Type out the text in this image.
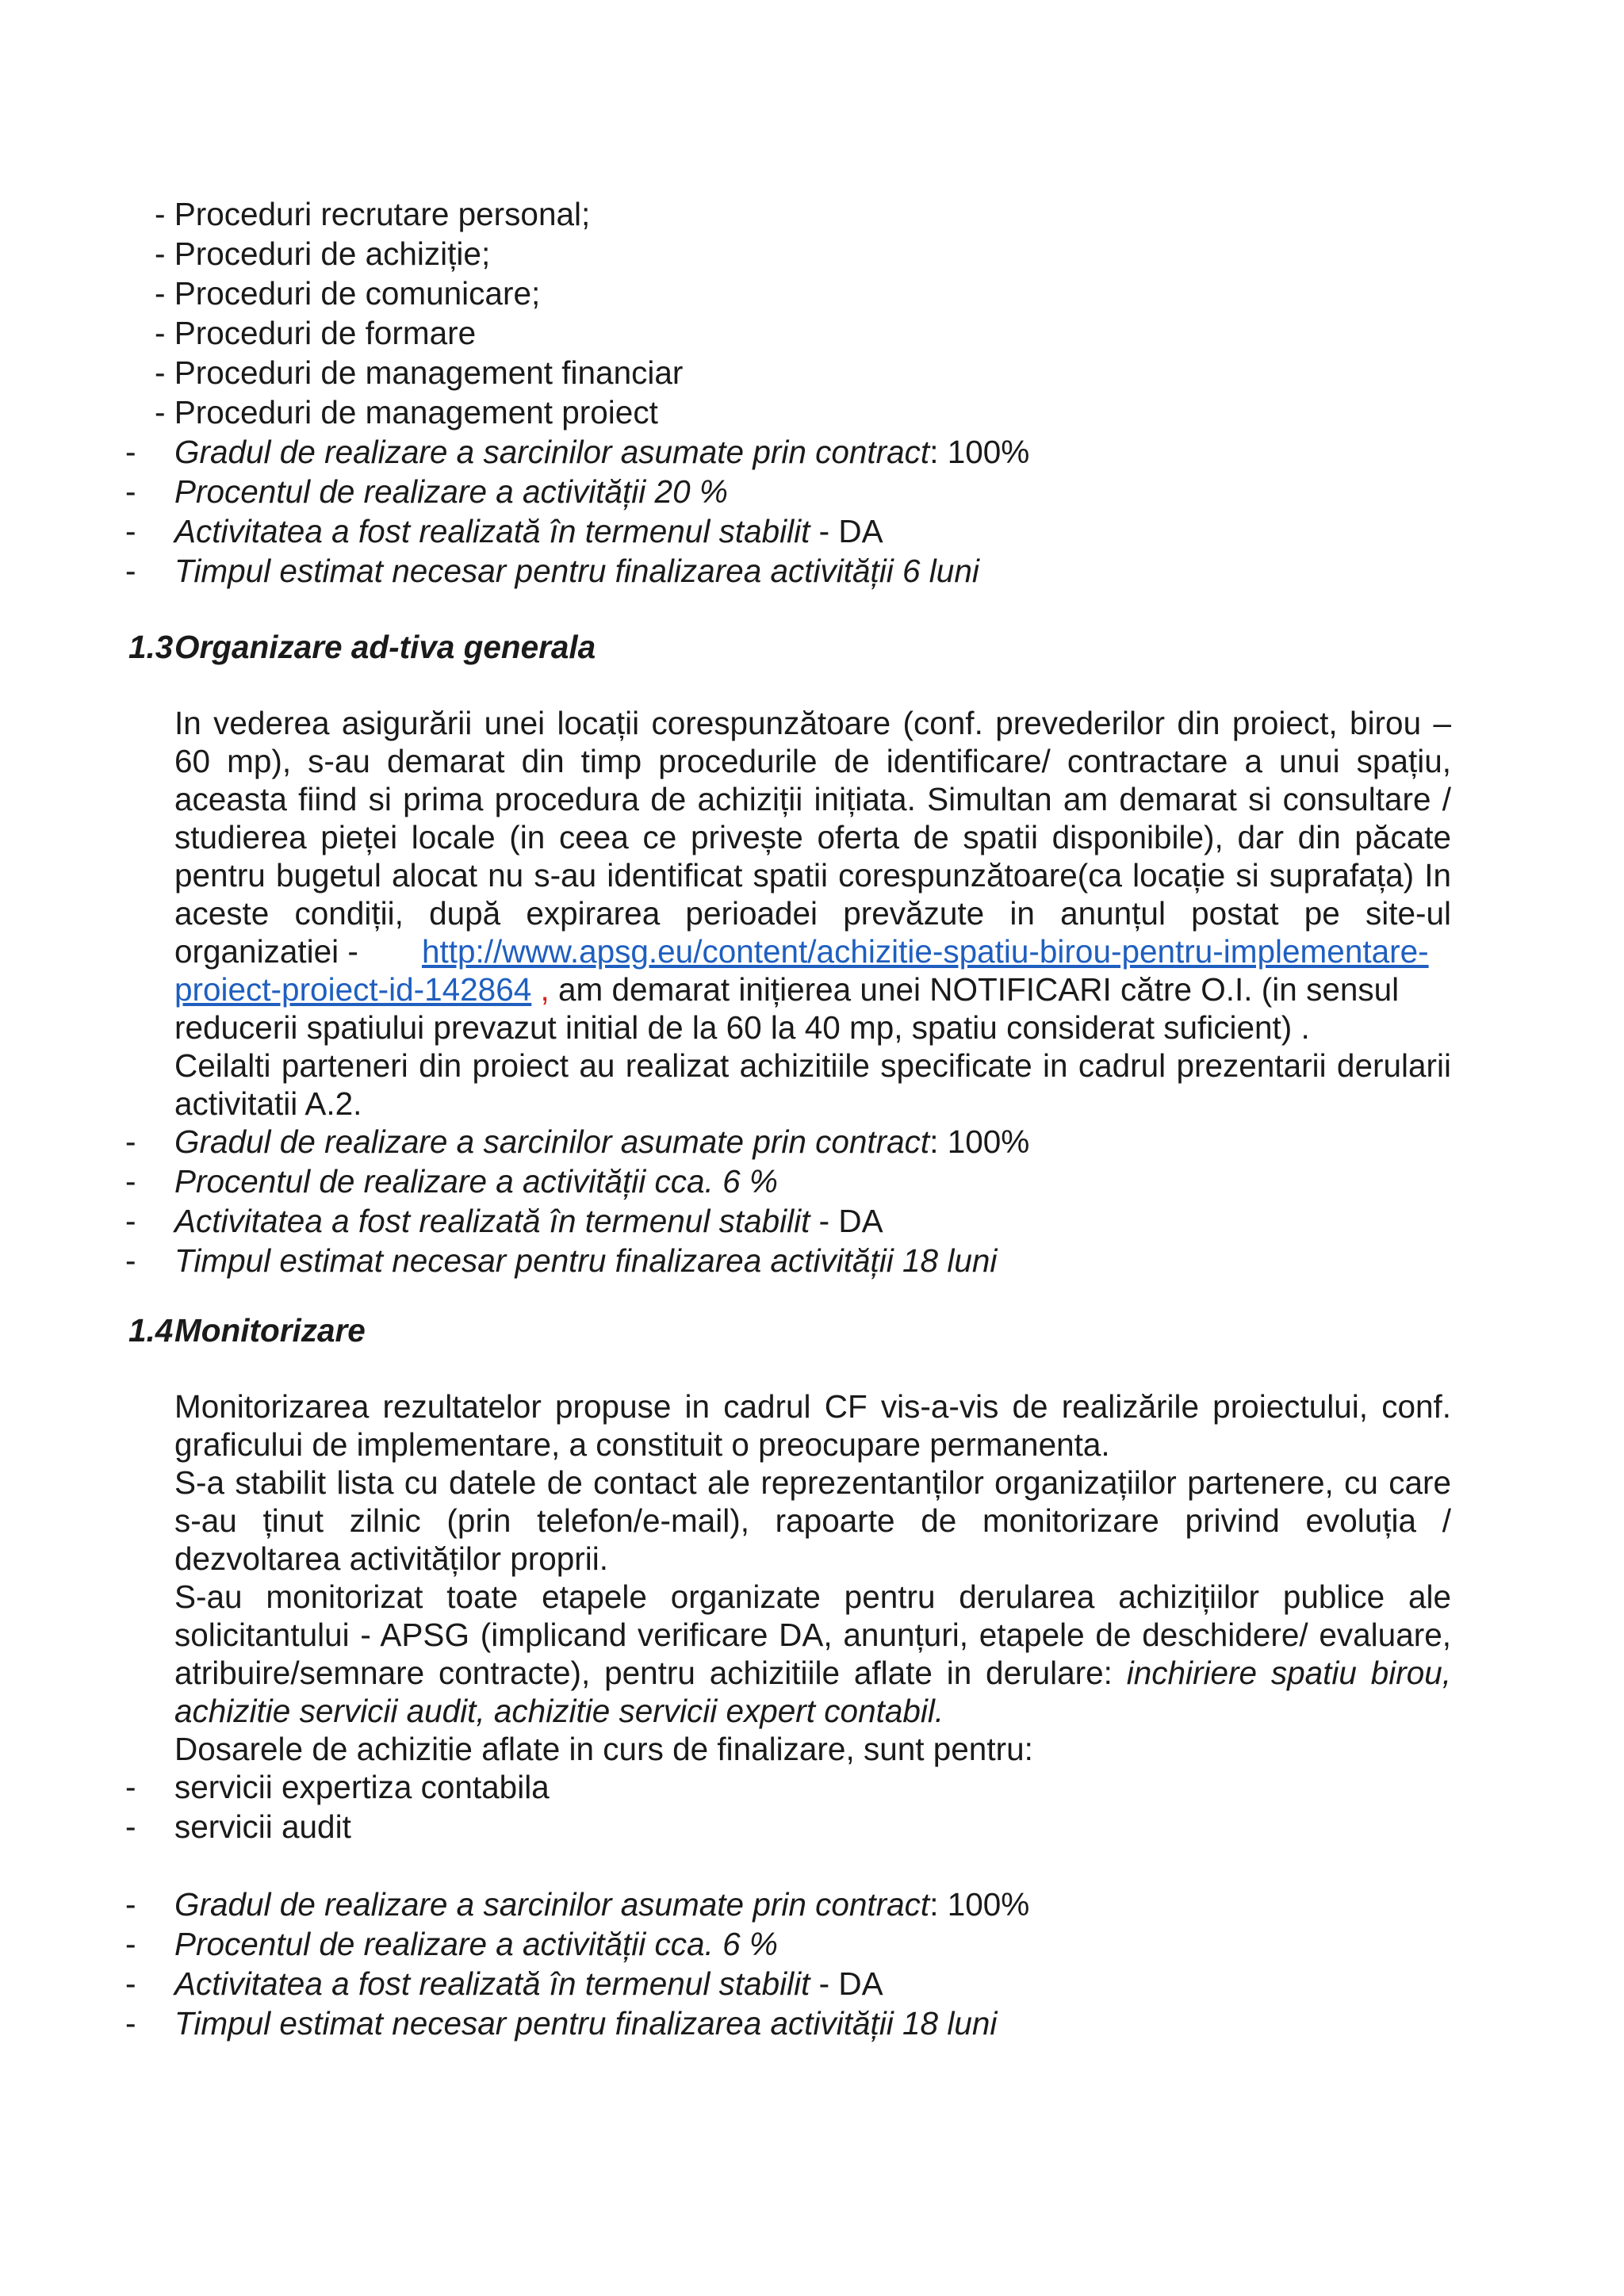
- Proceduri recrutare personal;
- Proceduri de achiziție;
- Proceduri de comunicare;
- Proceduri de formare
- Proceduri de management financiar
- Proceduri de management proiect
- Gradul de realizare a sarcinilor asumate prin contract: 100%
- Procentul de realizare a activității 20 %
- Activitatea a fost realizată în termenul stabilit - DA
- Timpul estimat necesar pentru finalizarea activității 6 luni
1.3Organizare ad-tiva generala
In vederea asigurării unei locații corespunzătoare (conf. prevederilor din proiect, birou –
60 mp), s-au demarat din timp procedurile de identificare/ contractare a unui spațiu,
aceasta fiind si prima procedura de achiziții inițiata. Simultan am demarat si consultare /
studierea pieței locale (in ceea ce privește oferta de spatii disponibile), dar din păcate
pentru bugetul alocat nu s-au identificat spatii corespunzătoare(ca locație si suprafața) In
aceste condiții, după expirarea perioadei prevăzute in anunțul postat pe site-ul
organizatiei - http://www.apsg.eu/content/achizitie-spatiu-birou-pentru-implementare-
proiect-proiect-id-142864 , am demarat inițierea unei NOTIFICARI către O.I. (in sensul
reducerii spatiului prevazut initial de la 60 la 40 mp, spatiu considerat suficient) .
Ceilalti parteneri din proiect au realizat achizitiile specificate in cadrul prezentarii derularii
activitatii A.2.
- Gradul de realizare a sarcinilor asumate prin contract: 100%
- Procentul de realizare a activității cca. 6 %
- Activitatea a fost realizată în termenul stabilit - DA
- Timpul estimat necesar pentru finalizarea activității 18 luni
1.4Monitorizare
Monitorizarea rezultatelor propuse in cadrul CF vis-a-vis de realizările proiectului, conf.
graficului de implementare, a constituit o preocupare permanenta.
S-a stabilit lista cu datele de contact ale reprezentanților organizațiilor partenere, cu care
s-au ținut zilnic (prin telefon/e-mail), rapoarte de monitorizare privind evoluția /
dezvoltarea activităților proprii.
S-au monitorizat toate etapele organizate pentru derularea achizițiilor publice ale
solicitantului - APSG (implicand verificare DA, anunțuri, etapele de deschidere/ evaluare,
atribuire/semnare contracte), pentru achizitiile aflate in derulare: inchiriere spatiu birou,
achizitie servicii audit, achizitie servicii expert contabil.
Dosarele de achizitie aflate in curs de finalizare, sunt pentru:
- servicii expertiza contabila
- servicii audit
- Gradul de realizare a sarcinilor asumate prin contract: 100%
- Procentul de realizare a activității cca. 6 %
- Activitatea a fost realizată în termenul stabilit - DA
- Timpul estimat necesar pentru finalizarea activității 18 luni
